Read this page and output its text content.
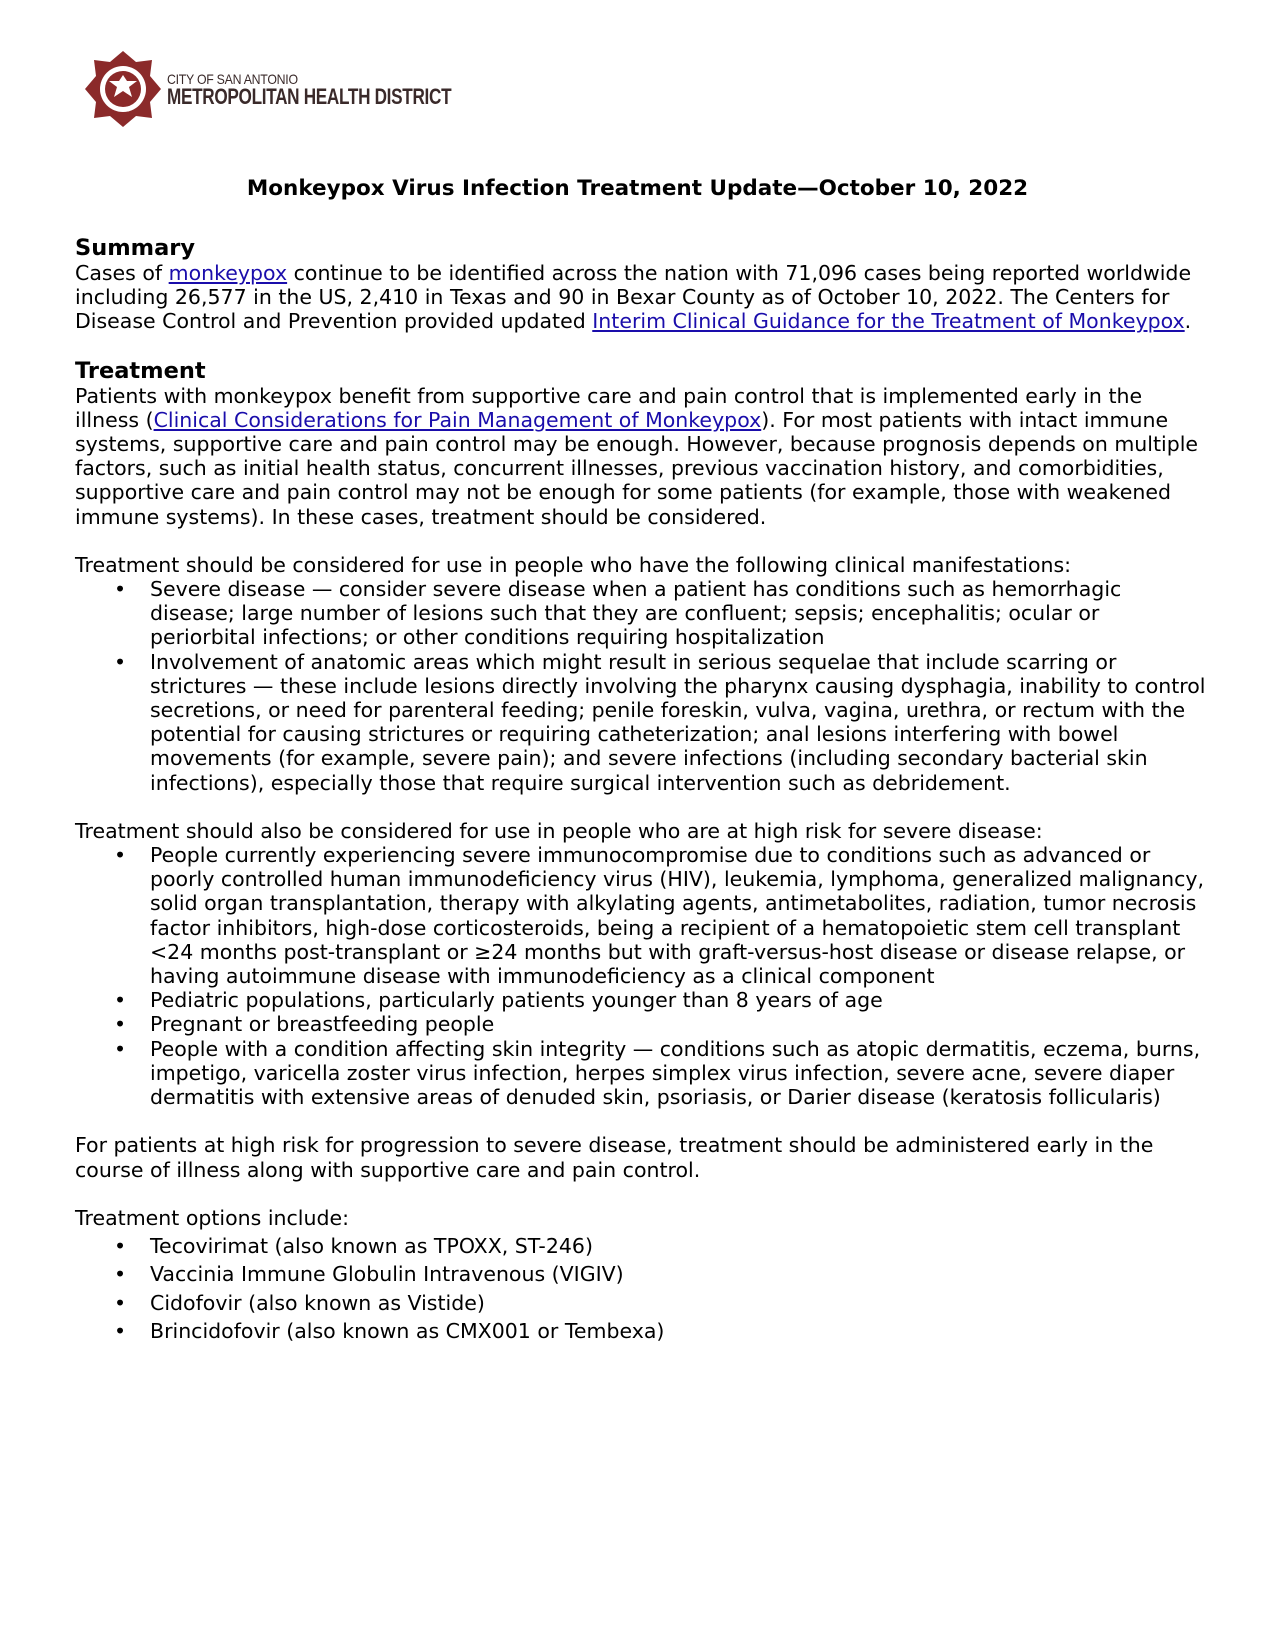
CITY OF SAN ANTONIO
METROPOLITAN HEALTH DISTRICT
Monkeypox Virus Infection Treatment Update—October 10, 2022
Summary

Cases of monkeypox continue to be identified across the nation with 71,096 cases being reported worldwide including 26,577 in the US, 2,410 in Texas and 90 in Bexar County as of October 10, 2022. The Centers for Disease Control and Prevention provided updated Interim Clinical Guidance for the Treatment of Monkeypox.

Treatment

Patients with monkeypox benefit from supportive care and pain control that is implemented early in the illness (Clinical Considerations for Pain Management of Monkeypox). For most patients with intact immune systems, supportive care and pain control may be enough. However, because prognosis depends on multiple factors, such as initial health status, concurrent illnesses, previous vaccination history, and comorbidities, supportive care and pain control may not be enough for some patients (for example, those with weakened immune systems). In these cases, treatment should be considered.

Treatment should be considered for use in people who have the following clinical manifestations:

• Severe disease — consider severe disease when a patient has conditions such as hemorrhagic disease; large number of lesions such that they are confluent; sepsis; encephalitis; ocular or periorbital infections; or other conditions requiring hospitalization
• Involvement of anatomic areas which might result in serious sequelae that include scarring or strictures — these include lesions directly involving the pharynx causing dysphagia, inability to control secretions, or need for parenteral feeding; penile foreskin, vulva, vagina, urethra, or rectum with the potential for causing strictures or requiring catheterization; anal lesions interfering with bowel movements (for example, severe pain); and severe infections (including secondary bacterial skin infections), especially those that require surgical intervention such as debridement.

Treatment should also be considered for use in people who are at high risk for severe disease:

• People currently experiencing severe immunocompromise due to conditions such as advanced or poorly controlled human immunodeficiency virus (HIV), leukemia, lymphoma, generalized malignancy, solid organ transplantation, therapy with alkylating agents, antimetabolites, radiation, tumor necrosis factor inhibitors, high-dose corticosteroids, being a recipient of a hematopoietic stem cell transplant <24 months post-transplant or ≥24 months but with graft-versus-host disease or disease relapse, or having autoimmune disease with immunodeficiency as a clinical component
• Pediatric populations, particularly patients younger than 8 years of age
• Pregnant or breastfeeding people
• People with a condition affecting skin integrity — conditions such as atopic dermatitis, eczema, burns, impetigo, varicella zoster virus infection, herpes simplex virus infection, severe acne, severe diaper dermatitis with extensive areas of denuded skin, psoriasis, or Darier disease (keratosis follicularis)

For patients at high risk for progression to severe disease, treatment should be administered early in the course of illness along with supportive care and pain control.

Treatment options include:

• Tecovirimat (also known as TPOXX, ST-246)
• Vaccinia Immune Globulin Intravenous (VIGIV)
• Cidofovir (also known as Vistide)
• Brincidofovir (also known as CMX001 or Tembexa)
